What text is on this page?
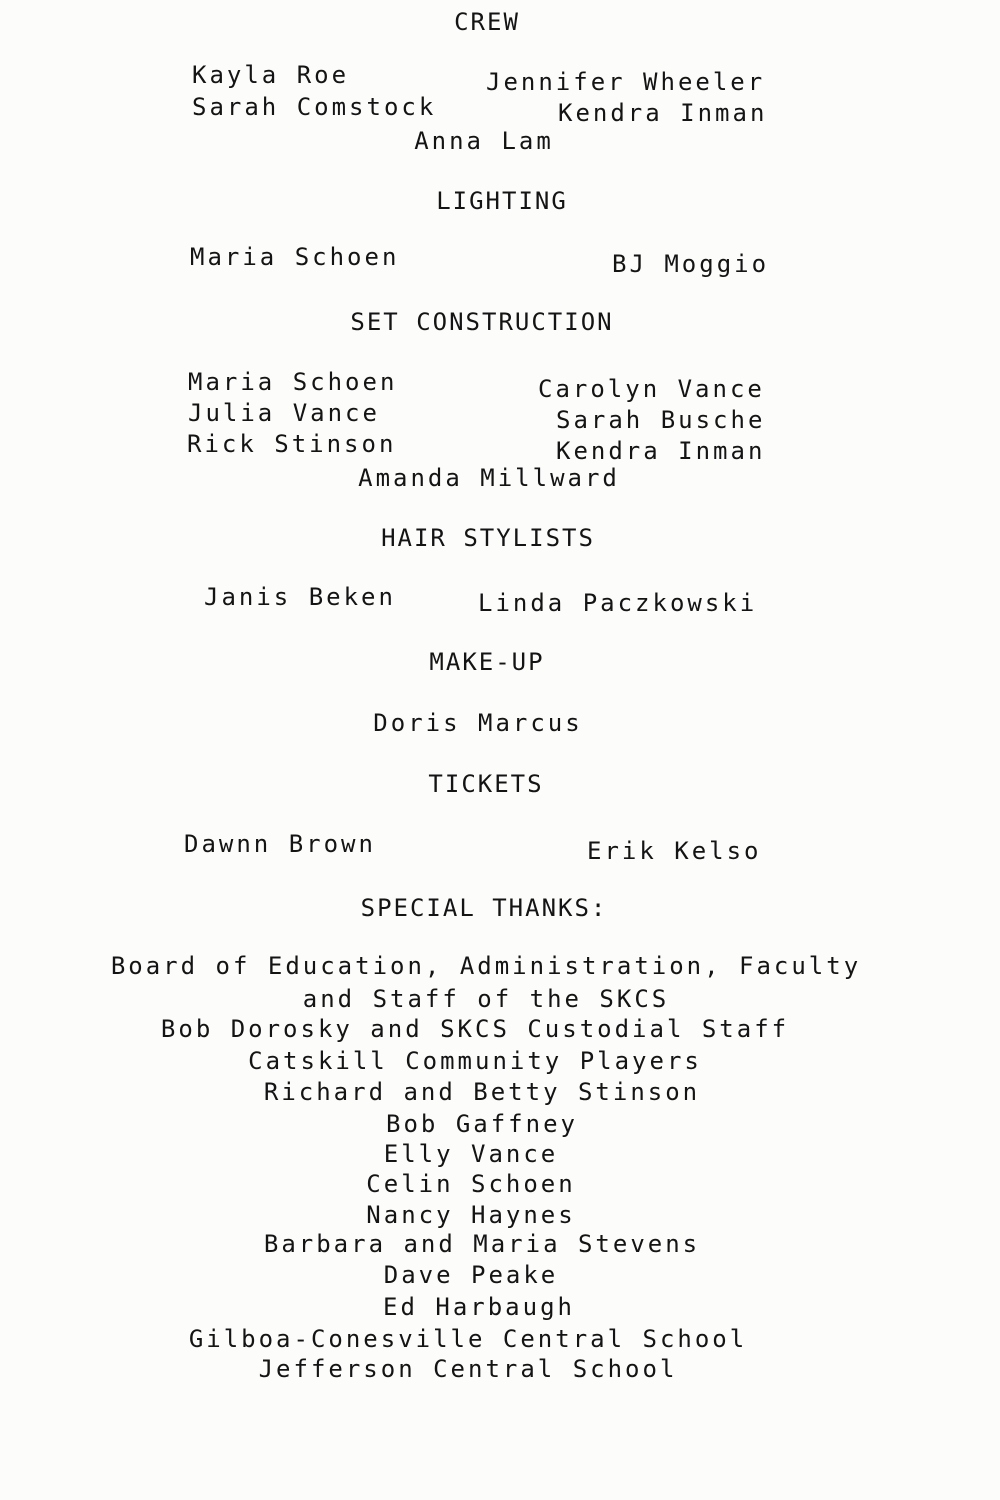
CREW
Kayla Roe	Jennifer Wheeler
Sarah Comstock	Kendra Inman
Anna Lam
LIGHTING
Maria Schoen	BJ Moggio
SET CONSTRUCTION
Maria Schoen	Carolyn Vance
Julia Vance	Sarah Busche
Rick Stinson	Kendra Inman
Amanda Millward
HAIR STYLISTS
Janis Beken	Linda Paczkowski
MAKE-UP
Doris Marcus
TICKETS
Dawnn Brown	Erik Kelso
SPECIAL THANKS:
Board of Education, Administration, Faculty
and Staff of the SKCS
Bob Dorosky and SKCS Custodial Staff
Catskill Community Players
Richard and Betty Stinson
Bob Gaffney
Elly Vance
Celin Schoen
Nancy Haynes
Barbara and Maria Stevens
Dave Peake
Ed Harbaugh
Gilboa-Conesville Central School
Jefferson Central School
